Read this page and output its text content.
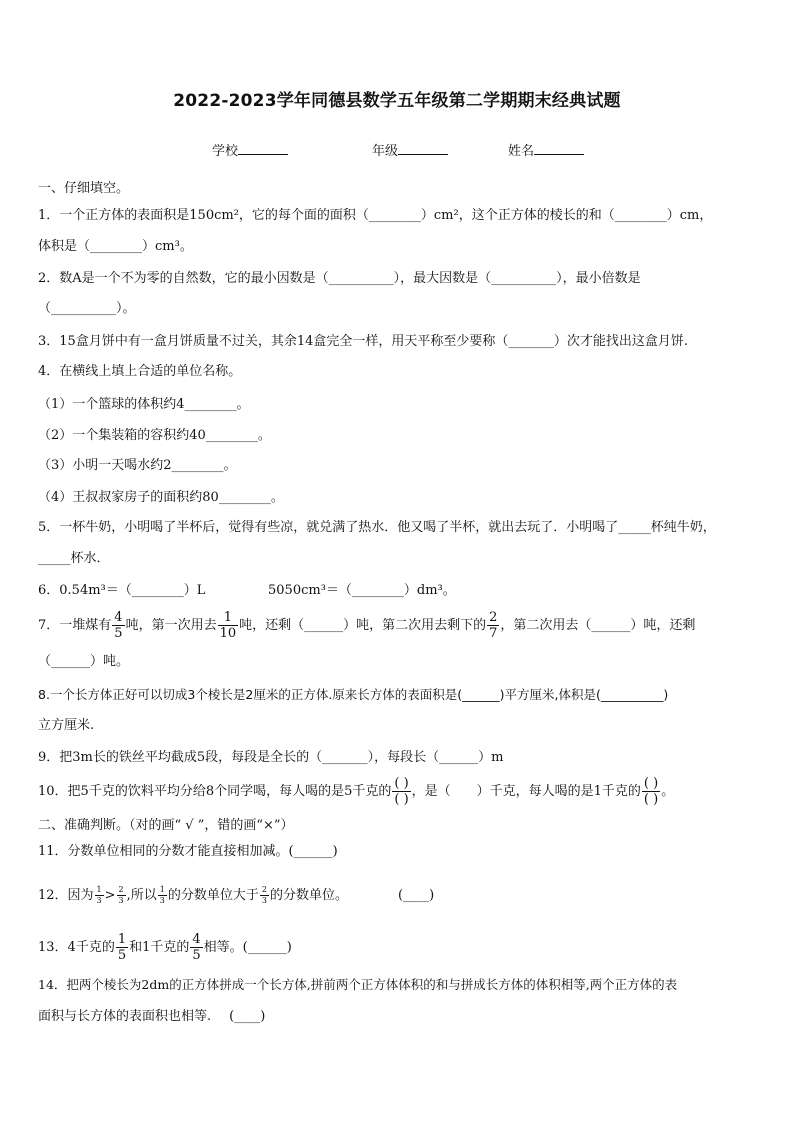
2022-2023学年同德县数学五年级第二学期期末经典试题
学校	年级	姓名
一、仔细填空。
1．一个正方体的表面积是150cm²，它的每个面的面积（________）cm²，这个正方体的棱长的和（________）cm，
体积是（________）cm³。
2．数A是一个不为零的自然数，它的最小因数是（__________），最大因数是（__________），最小倍数是
（__________）。
3．15盒月饼中有一盒月饼质量不过关，其余14盒完全一样，用天平称至少要称（_______）次才能找出这盒月饼.
4．在横线上填上合适的单位名称。
（1）一个篮球的体积约4________。
（2）一个集装箱的容积约40________。
（3）小明一天喝水约2________。
（4）王叔叔家房子的面积约80________。
5．一杯牛奶，小明喝了半杯后，觉得有些凉，就兑满了热水．他又喝了半杯，就出去玩了．小明喝了_____杯纯牛奶，
_____杯水．
6．0.54m³＝（________）L	5050cm³＝（________）dm³。
7．一堆煤有 $\frac{4}{5}$ 吨，第一次用去 $\frac{1}{10}$ 吨，还剩（______）吨，第二次用去剩下的 $\frac{2}{7}$ ，第二次用去（______）吨，还剩
（______）吨。
8.一个长方体正好可以切成3个棱长是2厘米的正方体.原来长方体的表面积是(______)平方厘米,体积是(__________)
立方厘米.
9．把3m长的铁丝平均截成5段，每段是全长的（_______），每段长（______）m
10．把5千克的饮料平均分给8个同学喝，每人喝的是5千克的 $\frac{( )}{( )}$ ，是（　　）千克，每人喝的是1千克的 $\frac{( )}{( )}$ 。
二、准确判断。（对的画“ √ ”，错的画“×”）
11．分数单位相同的分数才能直接相加减。(______)
12．因为 $\frac{1}{3} > \frac{2}{3}$ ,所以 $\frac{1}{3}$ 的分数单位大于 $\frac{2}{3}$ 的分数单位。	(____)
13．4千克的 $\frac{1}{5}$ 和1千克的 $\frac{4}{5}$ 相等。(______)
14．把两个棱长为2dm的正方体拼成一个长方体,拼前两个正方体体积的和与拼成长方体的体积相等,两个正方体的表
面积与长方体的表面积也相等. (____)
